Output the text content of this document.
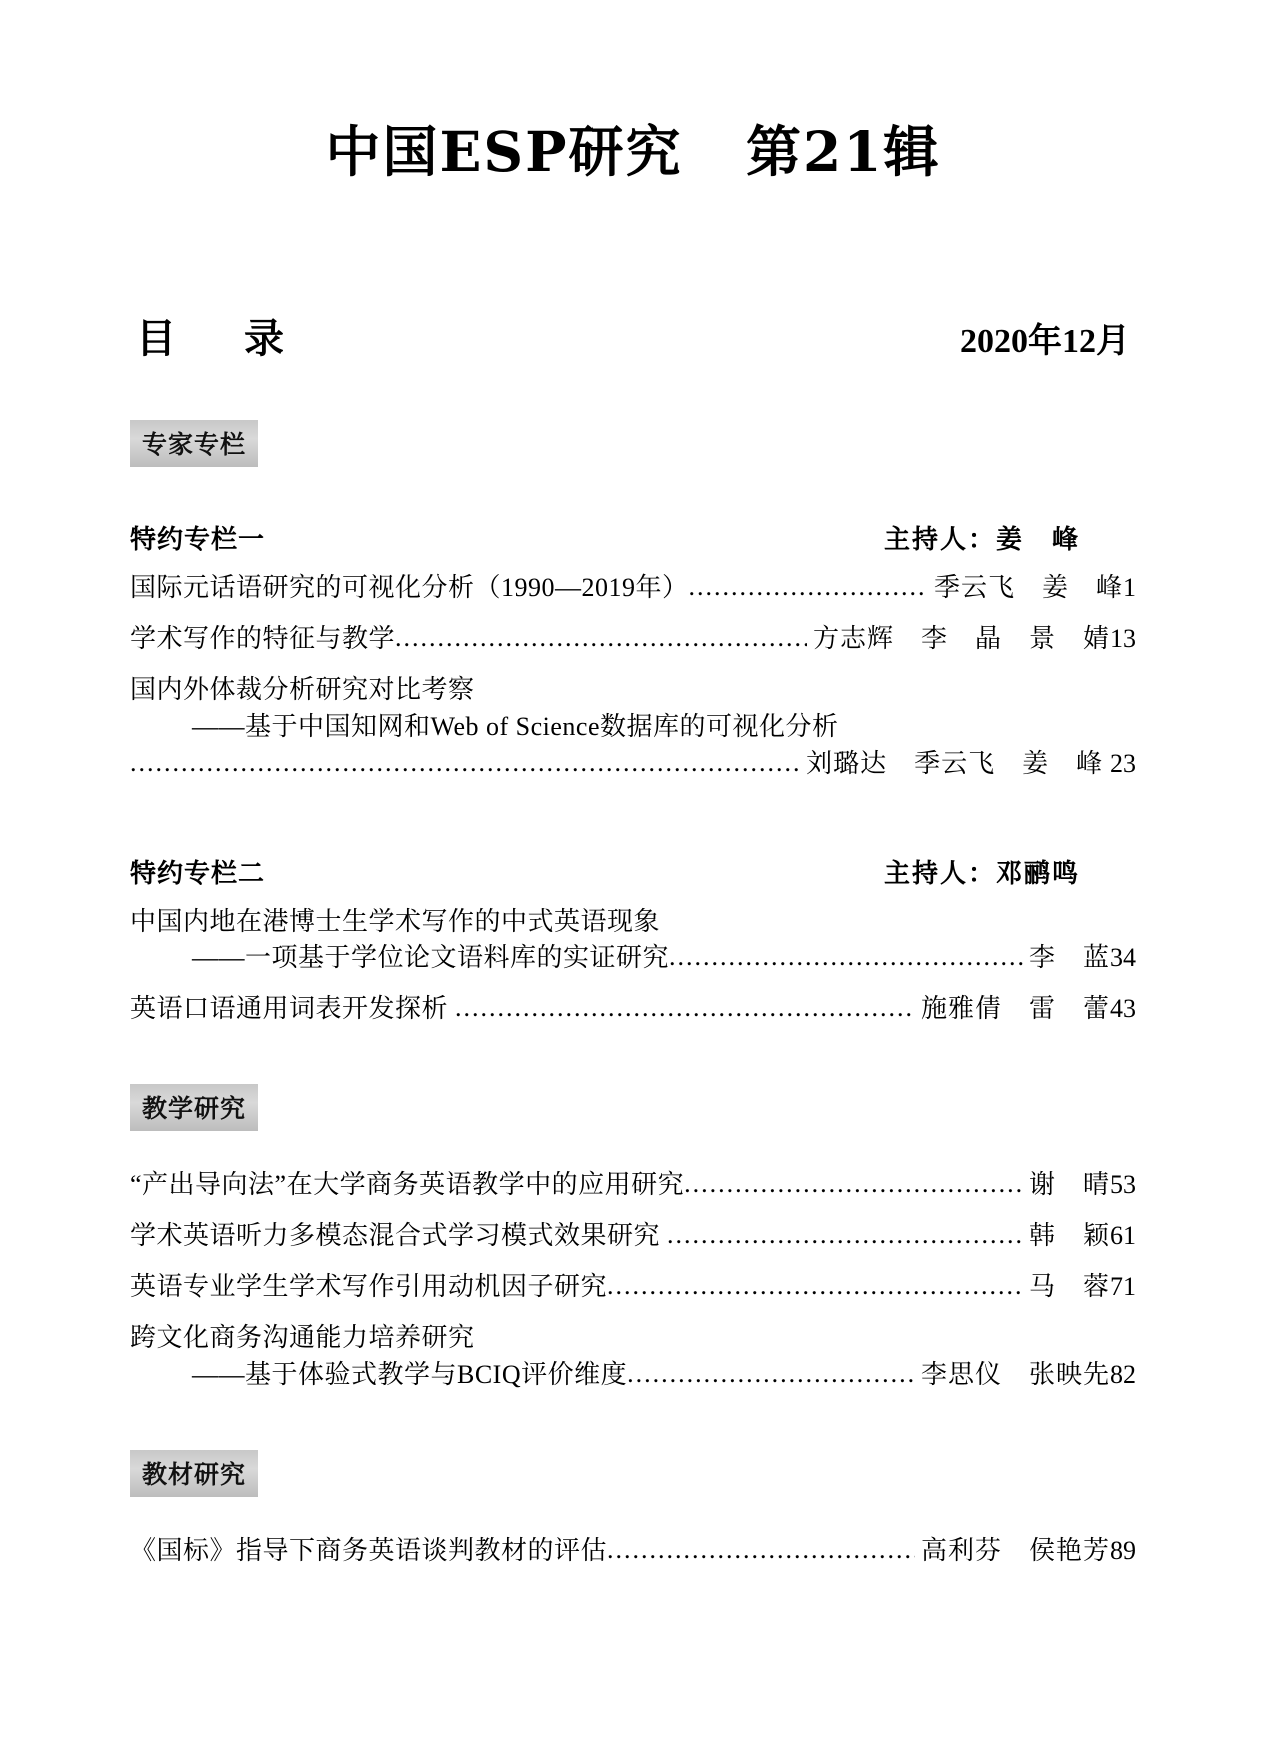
中国ESP研究   第21辑
目　录	2020年12月
专家专栏
特约专栏一	主持人：姜　峰
国际元话语研究的可视化分析（1990—2019年） .....	季云飞　姜　峰 1
学术写作的特征与教学 .....	方志辉　李　晶　景　婧 13
国内外体裁分析研究对比考察
——基于中国知网和Web of Science数据库的可视化分析
.....
刘璐达　季云飞　姜　峰 23
特约专栏二	主持人：邓鹂鸣
中国内地在港博士生学术写作的中式英语现象
——一项基于学位论文语料库的实证研究 .....	李　蓝 34
英语口语通用词表开发探析 .....	施雅倩　雷　蕾 43
教学研究
“产出导向法”在大学商务英语教学中的应用研究 .....	谢　晴 53
学术英语听力多模态混合式学习模式效果研究 .....	韩　颖 61
英语专业学生学术写作引用动机因子研究 .....	马　蓉 71
跨文化商务沟通能力培养研究
——基于体验式教学与BCIQ评价维度 .....	李思仪　张映先 82
教材研究
《国标》指导下商务英语谈判教材的评估 .....	高利芬　侯艳芳 89
